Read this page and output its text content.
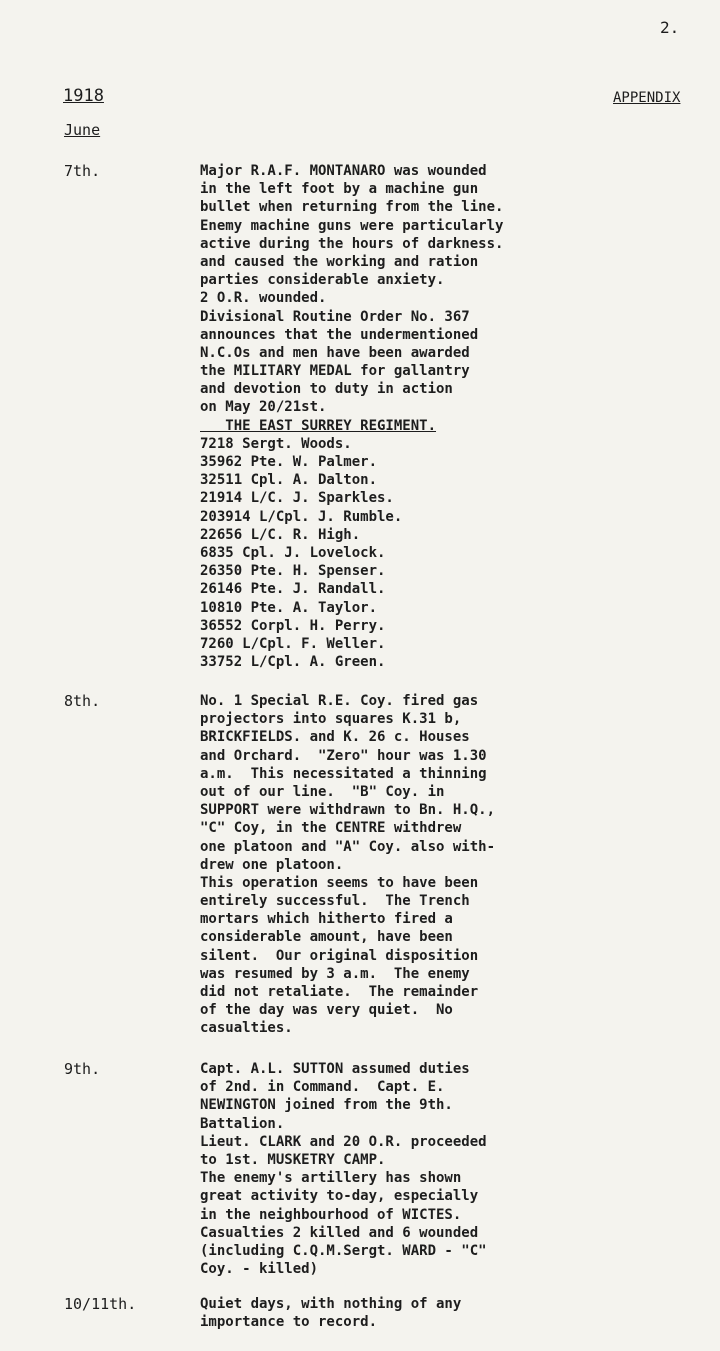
2.
1918	APPENDIX
June
7th.	Major R.A.F. MONTANARO was wounded
in the left foot by a machine gun
bullet when returning from the line.
Enemy machine guns were particularly
active during the hours of darkness.
and caused the working and ration
parties considerable anxiety.
2 O.R. wounded.
Divisional Routine Order No. 367
announces that the undermentioned
N.C.Os and men have been awarded
the MILITARY MEDAL for gallantry
and devotion to duty in action
on May 20/21st.
THE EAST SURREY REGIMENT.
7218 Sergt. Woods.
35962 Pte. W. Palmer.
32511 Cpl. A. Dalton.
21914 L/C. J. Sparkles.
203914 L/Cpl. J. Rumble.
22656 L/C. R. High.
6835 Cpl. J. Lovelock.
26350 Pte. H. Spenser.
26146 Pte. J. Randall.
10810 Pte. A. Taylor.
36552 Corpl. H. Perry.
7260 L/Cpl. F. Weller.
33752 L/Cpl. A. Green.
8th.	No. 1 Special R.E. Coy. fired gas
projectors into squares K.31 b,
BRICKFIELDS. and K. 26 c. Houses
and Orchard.  "Zero" hour was 1.30
a.m.  This necessitated a thinning
out of our line.  "B" Coy. in
SUPPORT were withdrawn to Bn. H.Q.,
"C" Coy, in the CENTRE withdrew
one platoon and "A" Coy. also with-
drew one platoon.
This operation seems to have been
entirely successful.  The Trench
mortars which hitherto fired a
considerable amount, have been
silent.  Our original disposition
was resumed by 3 a.m.  The enemy
did not retaliate.  The remainder
of the day was very quiet.  No
casualties.
9th.	Capt. A.L. SUTTON assumed duties
of 2nd. in Command.  Capt. E.
NEWINGTON joined from the 9th.
Battalion.
Lieut. CLARK and 20 O.R. proceeded
to 1st. MUSKETRY CAMP.
The enemy's artillery has shown
great activity to-day, especially
in the neighbourhood of WICTES.
Casualties 2 killed and 6 wounded
(including C.Q.M.Sergt. WARD - "C"
Coy. - killed)
10/11th.	Quiet days, with nothing of any
importance to record.
